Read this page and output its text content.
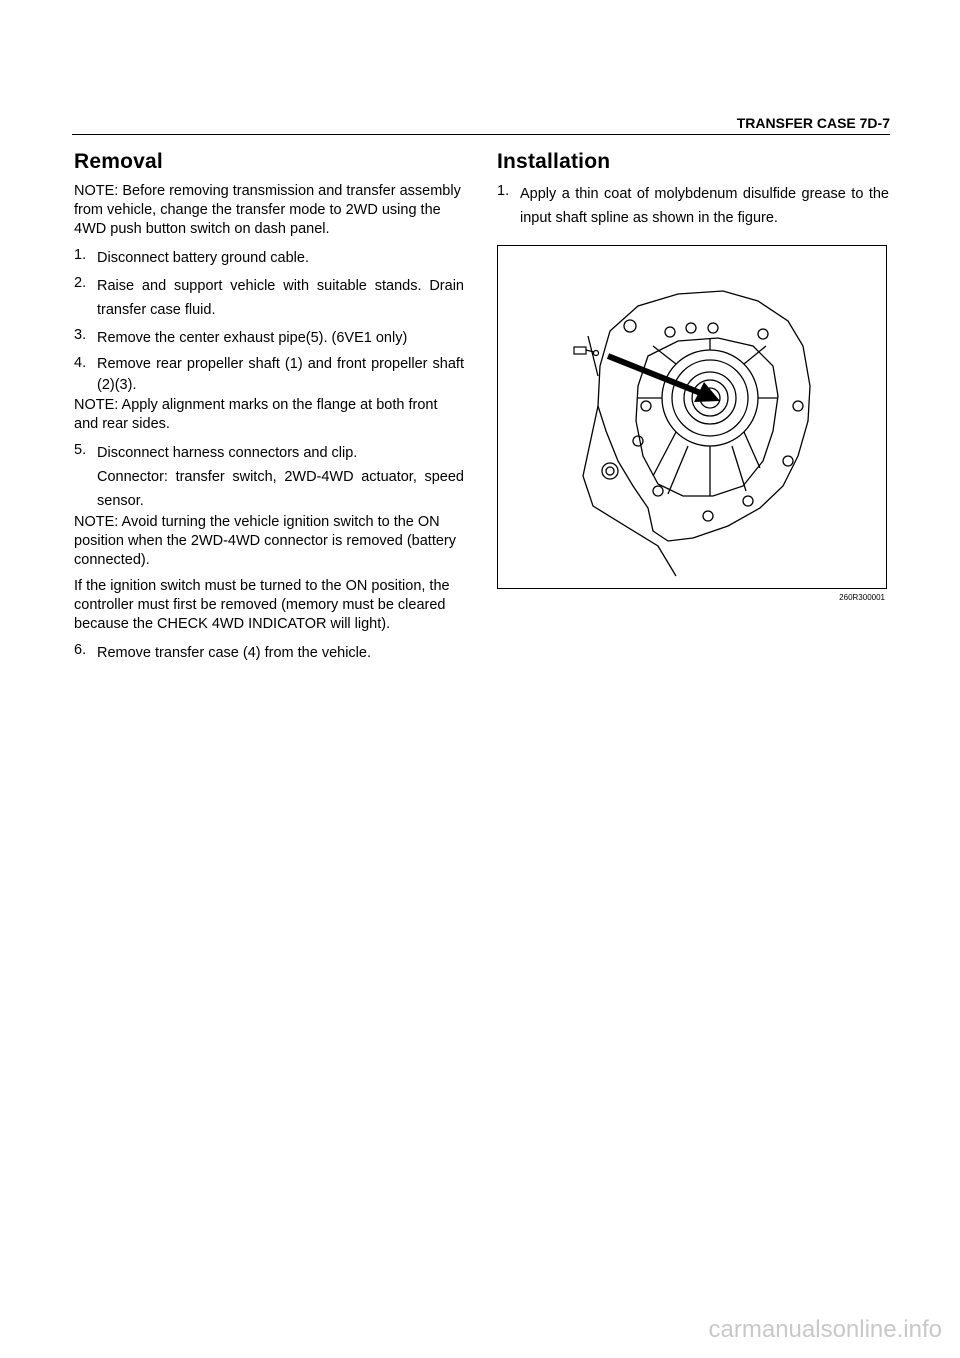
TRANSFER CASE 7D-7
Removal
NOTE: Before removing transmission and transfer assembly from vehicle, change the transfer mode to 2WD using the 4WD push button switch on dash panel.
1. Disconnect battery ground cable.
2. Raise and support vehicle with suitable stands. Drain transfer case fluid.
3. Remove the center exhaust pipe(5). (6VE1 only)
4. Remove rear propeller shaft (1) and front propeller shaft (2)(3).
NOTE: Apply alignment marks on the flange at both front and rear sides.
5. Disconnect harness connectors and clip.
Connector: transfer switch, 2WD-4WD actuator, speed sensor.
NOTE: Avoid turning the vehicle ignition switch to the ON position when the 2WD-4WD connector is removed (battery connected).
If the ignition switch must be turned to the ON position, the controller must first be removed (memory must be cleared because the CHECK 4WD INDICATOR will light).
6. Remove transfer case (4) from the vehicle.
Installation
1. Apply a thin coat of molybdenum disulfide grease to the input shaft spline as shown in the figure.
260R300001
carmanualsonline.info
